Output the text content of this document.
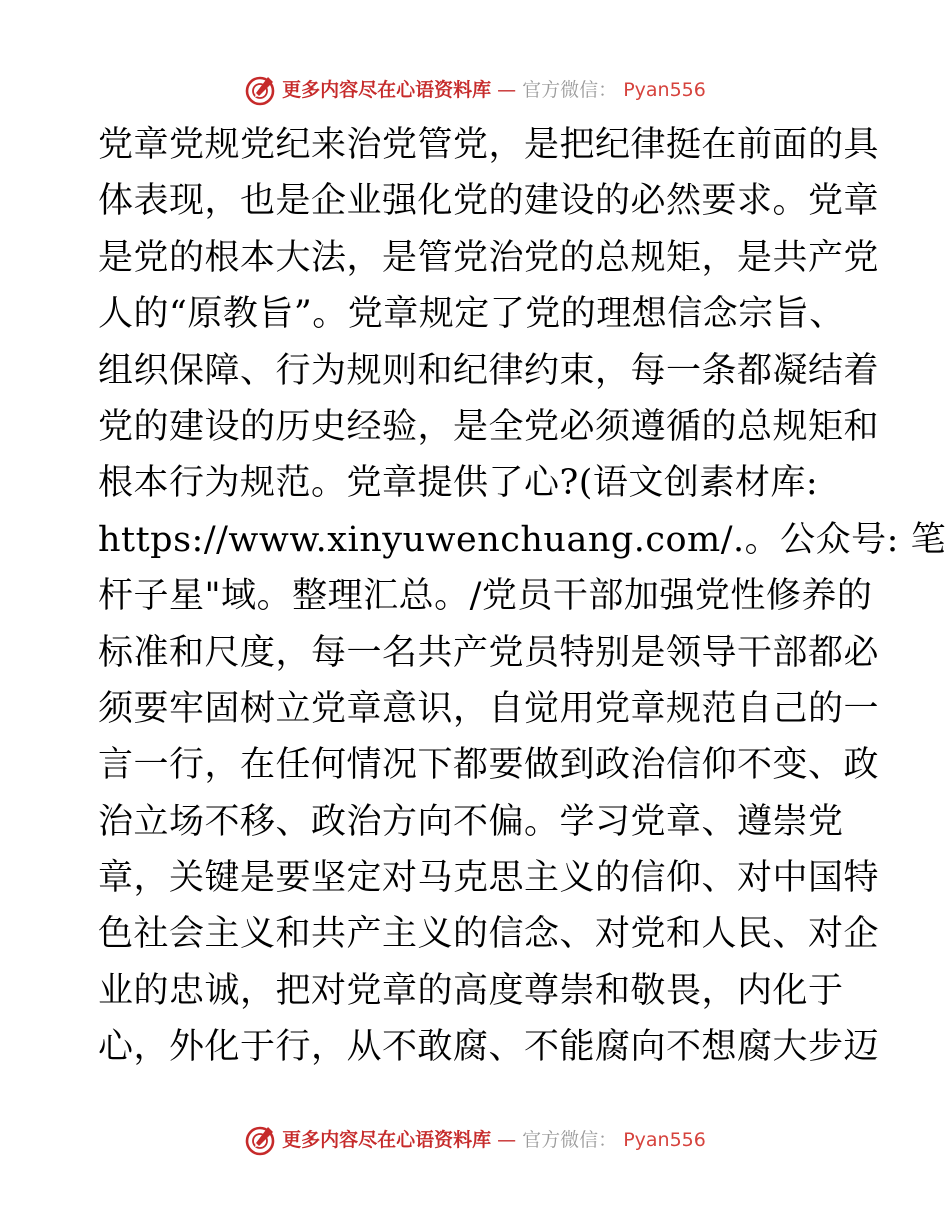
更多内容尽在心语资料库 — 官方微信： Pyan556
党章党规党纪来治党管党，是把纪律挺在前面的具
体表现，也是企业强化党的建设的必然要求。党章
是党的根本大法，是管党治党的总规矩，是共产党
人的“原教旨”。党章规定了党的理想信念宗旨、
组织保障、行为规则和纪律约束，每一条都凝结着
党的建设的历史经验，是全党必须遵循的总规矩和
根本行为规范。党章提供了心?(语文创素材库:
https://www.xinyuwenchuang.com/.。公众号: 笔
杆子星"域。整理汇总。/党员干部加强党性修养的
标准和尺度，每一名共产党员特别是领导干部都必
须要牢固树立党章意识，自觉用党章规范自己的一
言一行，在任何情况下都要做到政治信仰不变、政
治立场不移、政治方向不偏。学习党章、遵崇党
章，关键是要坚定对马克思主义的信仰、对中国特
色社会主义和共产主义的信念、对党和人民、对企
业的忠诚，把对党章的高度尊崇和敬畏，内化于
心，外化于行，从不敢腐、不能腐向不想腐大步迈
更多内容尽在心语资料库 — 官方微信： Pyan556
